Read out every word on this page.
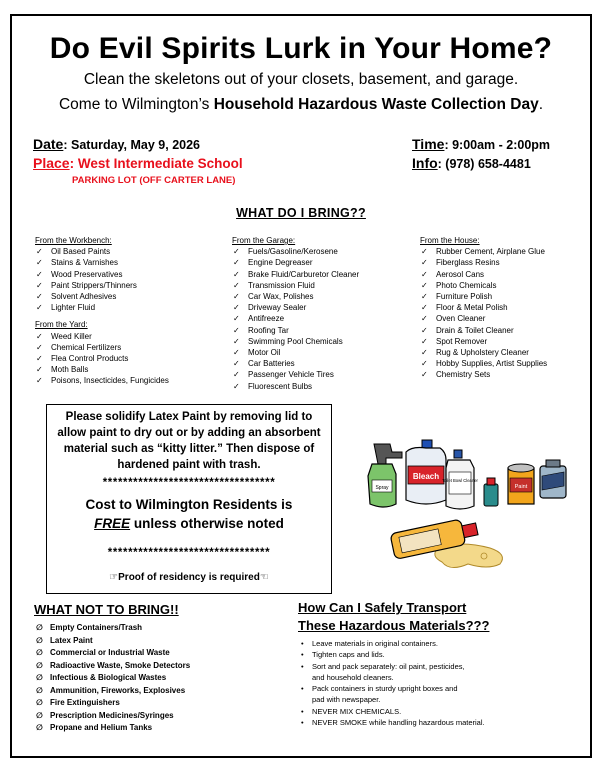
Do Evil Spirits Lurk in Your Home?
Clean the skeletons out of your closets, basement, and garage.
Come to Wilmington’s Household Hazardous Waste Collection Day.
Date: Saturday, May 9, 2026
Place: West Intermediate School
PARKING LOT (OFF CARTER LANE)
Time: 9:00am - 2:00pm
Info: (978) 658-4481
WHAT DO I BRING??
From the Workbench:
✓ Oil Based Paints
✓ Stains & Varnishes
✓ Wood Preservatives
✓ Paint Strippers/Thinners
✓ Solvent Adhesives
✓ Lighter Fluid
From the Yard:
✓ Weed Killer
✓ Chemical Fertilizers
✓ Flea Control Products
✓ Moth Balls
✓ Poisons, Insecticides, Fungicides
From the Garage:
✓ Fuels/Gasoline/Kerosene
✓ Engine Degreaser
✓ Brake Fluid/Carburetor Cleaner
✓ Transmission Fluid
✓ Car Wax, Polishes
✓ Driveway Sealer
✓ Antifreeze
✓ Roofing Tar
✓ Swimming Pool Chemicals
✓ Motor Oil
✓ Car Batteries
✓ Passenger Vehicle Tires
✓ Fluorescent Bulbs
From the House:
✓ Rubber Cement, Airplane Glue
✓ Fiberglass Resins
✓ Aerosol Cans
✓ Photo Chemicals
✓ Furniture Polish
✓ Floor & Metal Polish
✓ Oven Cleaner
✓ Drain & Toilet Cleaner
✓ Spot Remover
✓ Rug & Upholstery Cleaner
✓ Hobby Supplies, Artist Supplies
✓ Chemistry Sets
Please solidify Latex Paint by removing lid to
allow paint to dry out or by adding an absorbent
material such as “kitty litter.” Then dispose of
hardened paint with trash.
**********************************
Cost to Wilmington Residents is
FREE unless otherwise noted
********************************
☞Proof of residency is required☜
Spray
Bleach Toilet Bowl Cleaner
Paint
WHAT NOT TO BRING!!
∅ Empty Containers/Trash
∅ Latex Paint
∅ Commercial or Industrial Waste
∅ Radioactive Waste, Smoke Detectors
∅ Infectious & Biological Wastes
∅ Ammunition, Fireworks, Explosives
∅ Fire Extinguishers
∅ Prescription Medicines/Syringes
∅ Propane and Helium Tanks
How Can I Safely Transport
These Hazardous Materials???
• Leave materials in original containers.
• Tighten caps and lids.
• Sort and pack separately: oil paint, pesticides,
and household cleaners.
• Pack containers in sturdy upright boxes and
pad with newspaper.
• NEVER MIX CHEMICALS.
• NEVER SMOKE while handling hazardous material.
